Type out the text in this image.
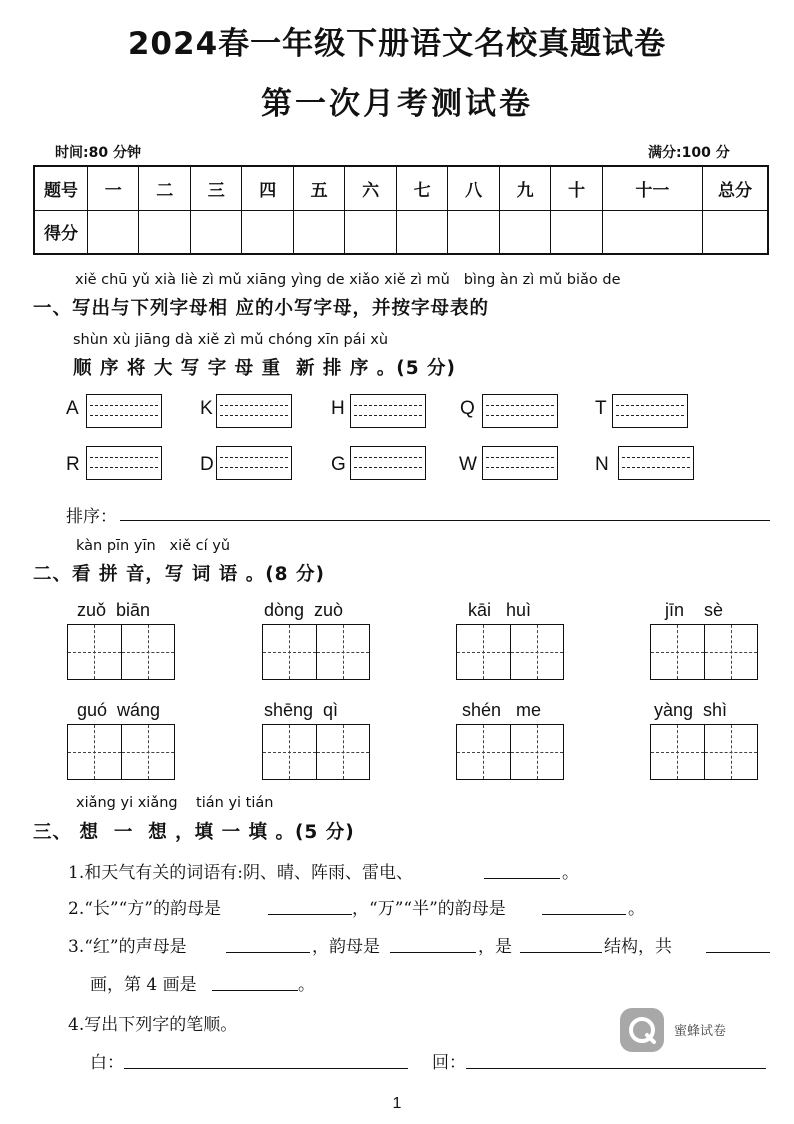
2024春一年级下册语文名校真题试卷
第一次月考测试卷
时间:80 分钟	满分:100 分
题号	一	二	三	四	五	六	七	八	九	十	十一	总分
得分												
xiě chū yǔ xià liè zì mǔ xiāng yìng de xiǎo xiě zì mǔ   bìng àn zì mǔ biǎo de
一、写出与下列字母相 应的小写字母，并按字母表的
shùn xù jiāng dà xiě zì mǔ chóng xīn pái xù
顺 序 将 大 写 字 母 重  新 排 序 。(5 分)
A	K	H	Q	T
R	D	G	W	N
排序：
kàn pīn yīn   xiě cí yǔ
二、看 拼 音，写 词 语 。(8 分)
zuǒ  biān	dòng  zuò	kāi   huì	jīn    sè
guó  wáng	shēng  qì	shén   me	yàng  shì
xiǎng yi xiǎng    tián yi tián
三、 想  一  想 ，填 一 填 。(5 分)
1.和天气有关的词语有:阴、晴、阵雨、雷电、	。
2.“长”“方”的韵母是	，“万”“半”的韵母是	。
3.“红”的声母是	，韵母是	，是	结构，共
画，第 4 画是	。
4.写出下列字的笔顺。
白：	回：
蜜蜂试卷
1
